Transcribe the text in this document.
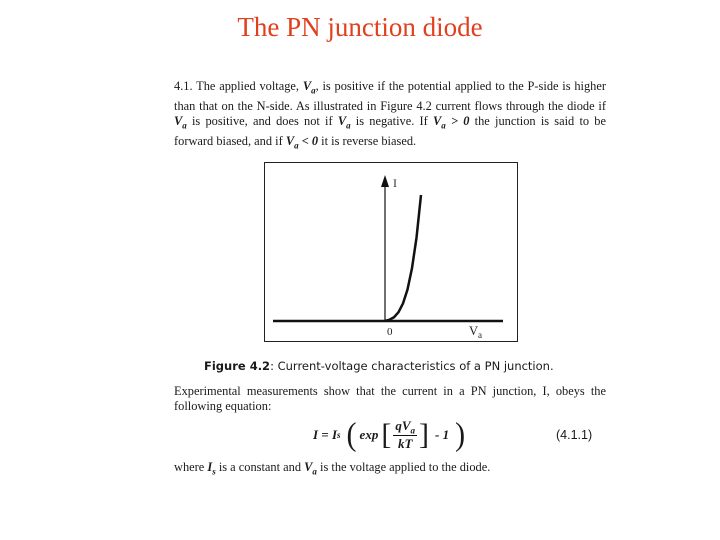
The PN junction diode
4.1. The applied voltage, $V_a$, is positive if the potential applied to the P-side is higher than that on the N-side. As illustrated in Figure 4.2 current flows through the diode if $V_a$ is positive, and does not if $V_a$ is negative. If $V_a > 0$ the junction is said to be forward biased, and if $V_a < 0$ it is reverse biased.
I
0	$V_a$
Figure 4.2: Current-voltage characteristics of a PN junction.
Experimental measurements show that the current in a PN junction, I, obeys the following equation:
I = I s ( exp [ $\frac{qV_a}{kT}$ ] - 1 )	(4.1.1)
where $I_s$ is a constant and $V_a$ is the voltage applied to the diode.
